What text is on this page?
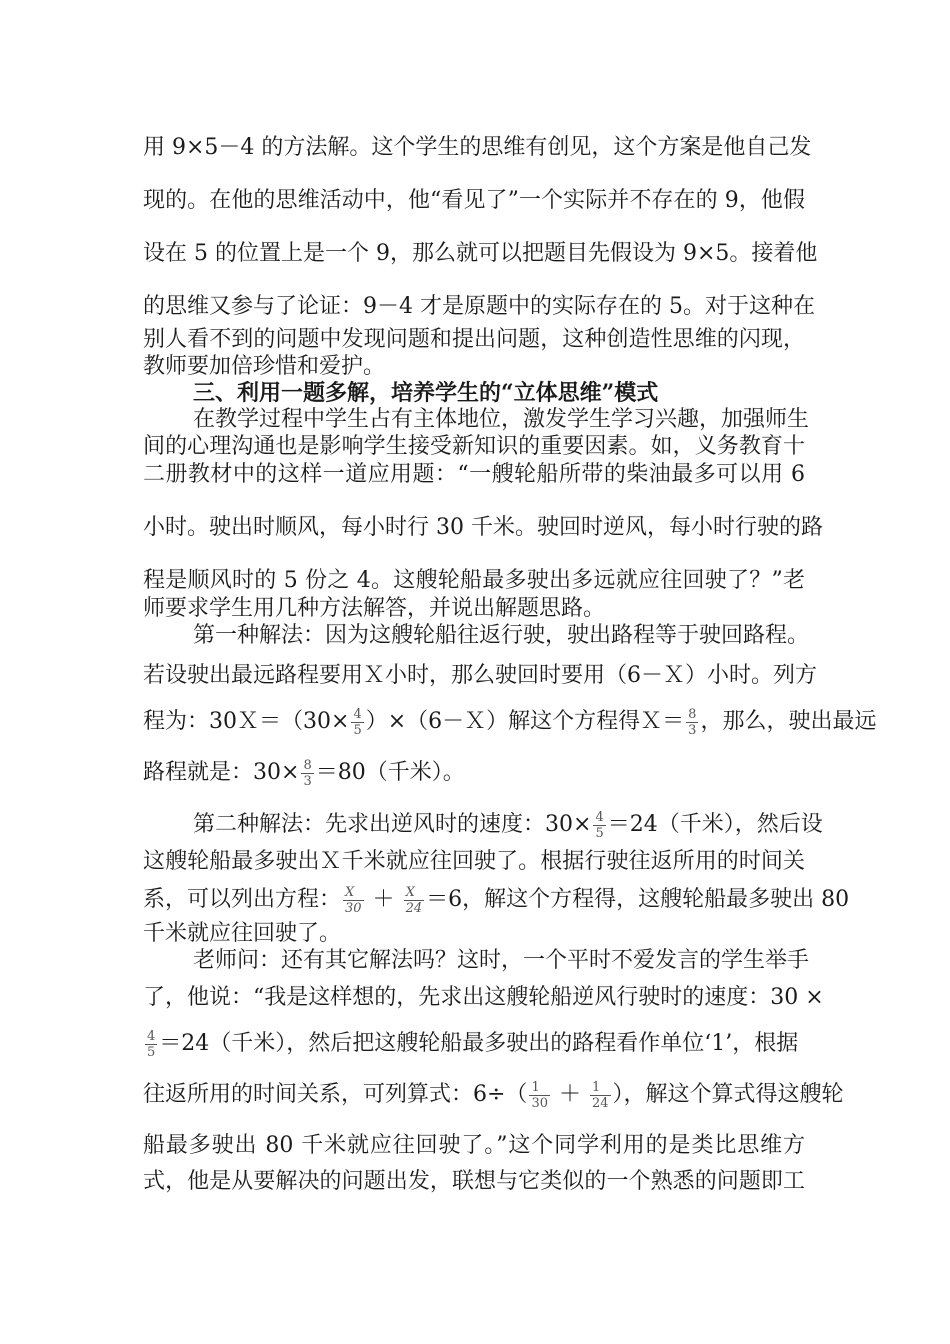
用 9×5－4 的方法解。这个学生的思维有创见，这个方案是他自己发
现的。在他的思维活动中，他“看见了”一个实际并不存在的 9，他假
设在 5 的位置上是一个 9，那么就可以把题目先假设为 9×5。接着他
的思维又参与了论证：9－4 才是原题中的实际存在的 5。对于这种在
别人看不到的问题中发现问题和提出问题，这种创造性思维的闪现，
教师要加倍珍惜和爱护。
三、利用一题多解，培养学生的“立体思维”模式
在教学过程中学生占有主体地位，激发学生学习兴趣，加强师生
间的心理沟通也是影响学生接受新知识的重要因素。如，义务教育十
二册教材中的这样一道应用题：“一艘轮船所带的柴油最多可以用 6
小时。驶出时顺风，每小时行 30 千米。驶回时逆风，每小时行驶的路
程是顺风时的 5 份之 4。这艘轮船最多驶出多远就应往回驶了？”老
师要求学生用几种方法解答，并说出解题思路。
第一种解法：因为这艘轮船往返行驶，驶出路程等于驶回路程。
若设驶出最远路程要用Ｘ小时，那么驶回时要用（6－Ｘ）小时。列方
程为：30Ｘ＝（30× $\frac{4}{5}$ ）×（6－Ｘ）解这个方程得Ｘ＝ $\frac{8}{3}$ ，那么，驶出最远
路程就是：$30\times \frac{8}{3} =80$（千米）。
第二种解法：先求出逆风时的速度：$30\times \frac{4}{5} =24$（千米），然后设
这艘轮船最多驶出Ｘ千米就应往回驶了。根据行驶往返所用的时间关
系，可以列出方程： $\frac{X}{30} + \frac{X}{24} =6$，解这个方程得，这艘轮船最多驶出 80
千米就应往回驶了。
老师问：还有其它解法吗？这时，一个平时不爱发言的学生举手
了，他说：“我是这样想的，先求出这艘轮船逆风行驶时的速度：30 ×
$\frac{4}{5} =24$（千米），然后把这艘轮船最多驶出的路程看作单位‘1’，根据
往返所用的时间关系，可列算式：$6\div( \frac{1}{30} + \frac{1}{24}$ ），解这个算式得这艘轮
船最多驶出 80 千米就应往回驶了。”这个同学利用的是类比思维方
式，他是从要解决的问题出发，联想与它类似的一个熟悉的问题即工
